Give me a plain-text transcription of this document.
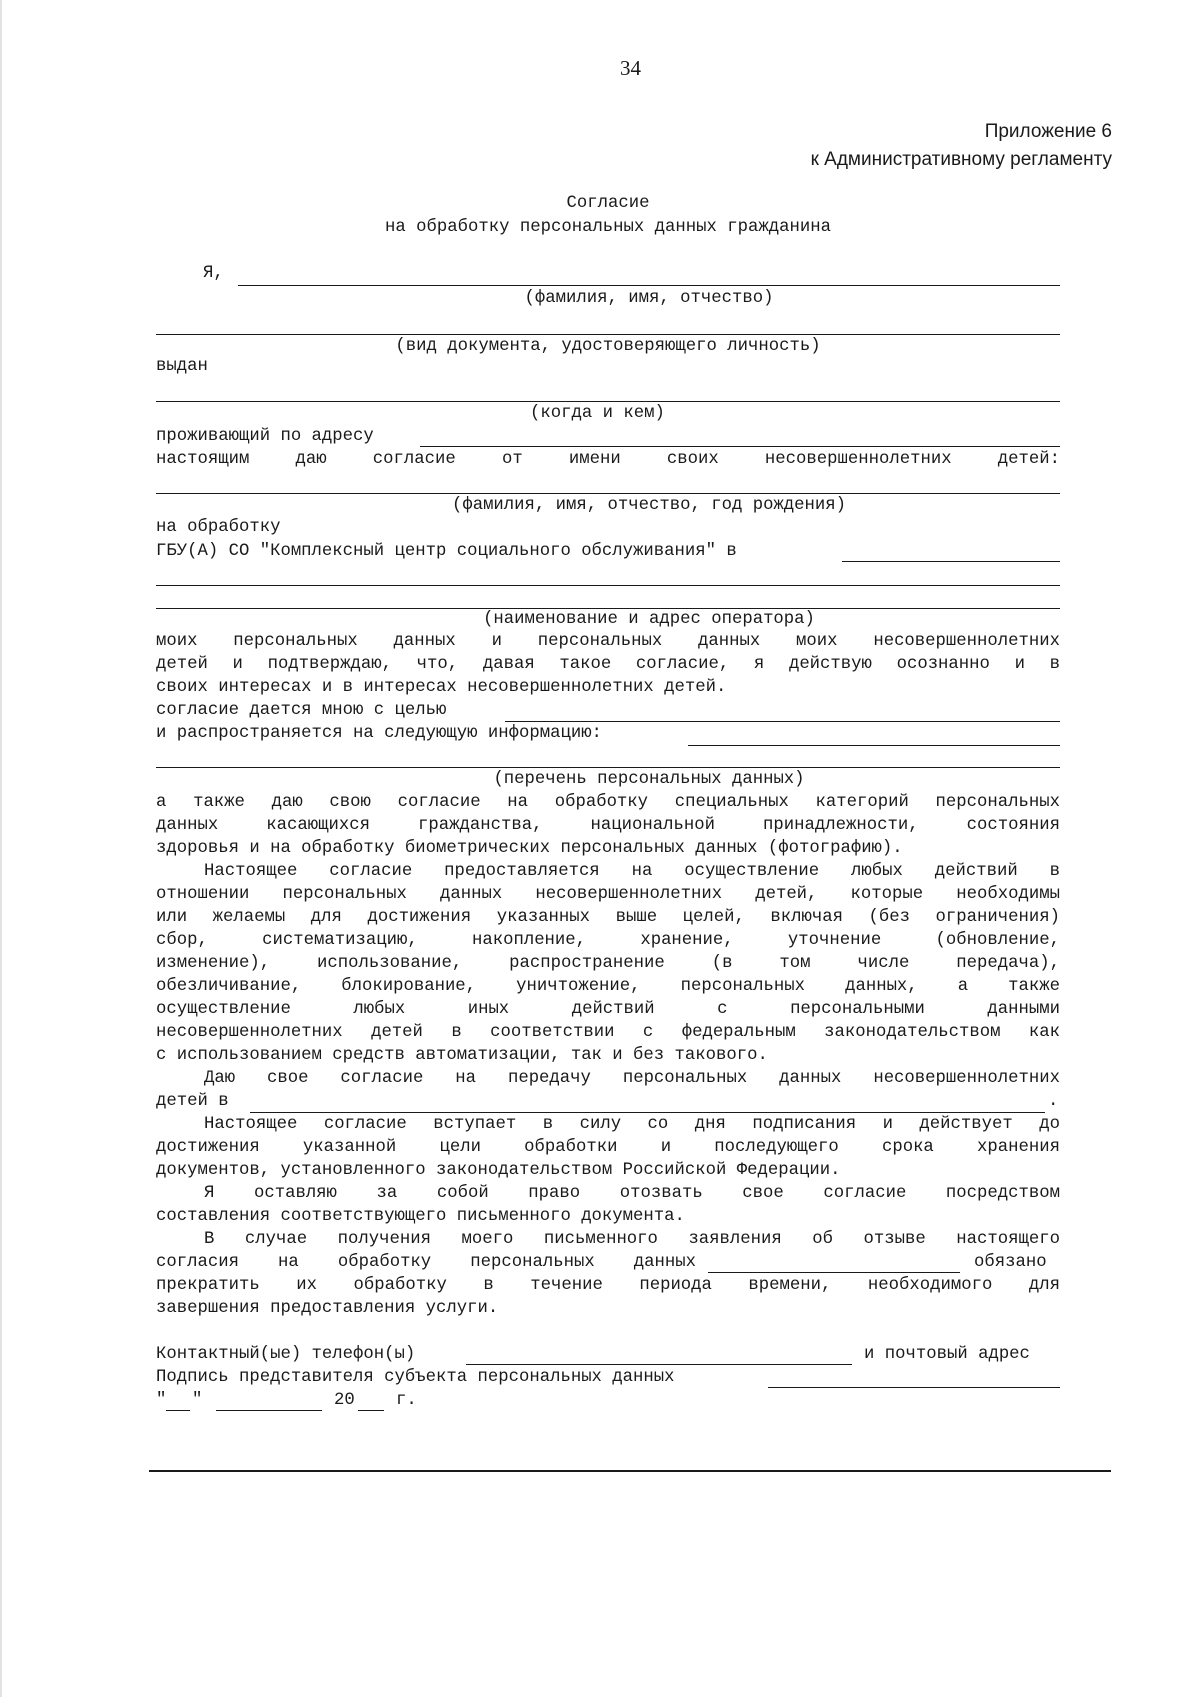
34
Приложение 6
к Административному регламенту
Согласие
на обработку персональных данных гражданина
Я,
(фамилия, имя, отчество)
(вид документа, удостоверяющего личность)
выдан
(когда и кем)
проживающий по адресу
настоящим даю согласие от имени своих несовершеннолетних детей:
(фамилия, имя, отчество, год рождения)
на обработку
ГБУ(А) СО "Комплексный центр социального обслуживания" в
(наименование и адрес оператора)
моих персональных данных и персональных данных моих несовершеннолетних
детей и подтверждаю, что, давая такое согласие, я действую осознанно и в
своих интересах и в интересах несовершеннолетних детей.
согласие дается мною с целью
и распространяется на следующую информацию:
(перечень персональных данных)
а также даю свою согласие на обработку специальных категорий персональных
данных касающихся гражданства, национальной принадлежности, состояния
здоровья и на обработку биометрических персональных данных (фотографию).
Настоящее согласие предоставляется на осуществление любых действий в
отношении персональных данных несовершеннолетних детей, которые необходимы
или желаемы для достижения указанных выше целей, включая (без ограничения)
сбор, систематизацию, накопление, хранение, уточнение (обновление,
изменение), использование, распространение (в том числе передача),
обезличивание, блокирование, уничтожение, персональных данных, а также
осуществление любых иных действий с персональными данными
несовершеннолетних детей в соответствии с федеральным законодательством как
с использованием средств автоматизации, так и без такового.
Даю свое согласие на передачу персональных данных несовершеннолетних
детей в	.
Настоящее согласие вступает в силу со дня подписания и действует до
достижения указанной цели обработки и последующего срока хранения
документов, установленного законодательством Российской Федерации.
Я оставляю за собой право отозвать свое согласие посредством
составления соответствующего письменного документа.
В случае получения моего письменного заявления об отзыве настоящего
согласия на обработку персональных данных	обязано
прекратить их обработку в течение периода времени, необходимого для
завершения предоставления услуги.
Контактный(ые) телефон(ы)	и почтовый адрес
Подпись представителя субъекта персональных данных
" "	20 г.
